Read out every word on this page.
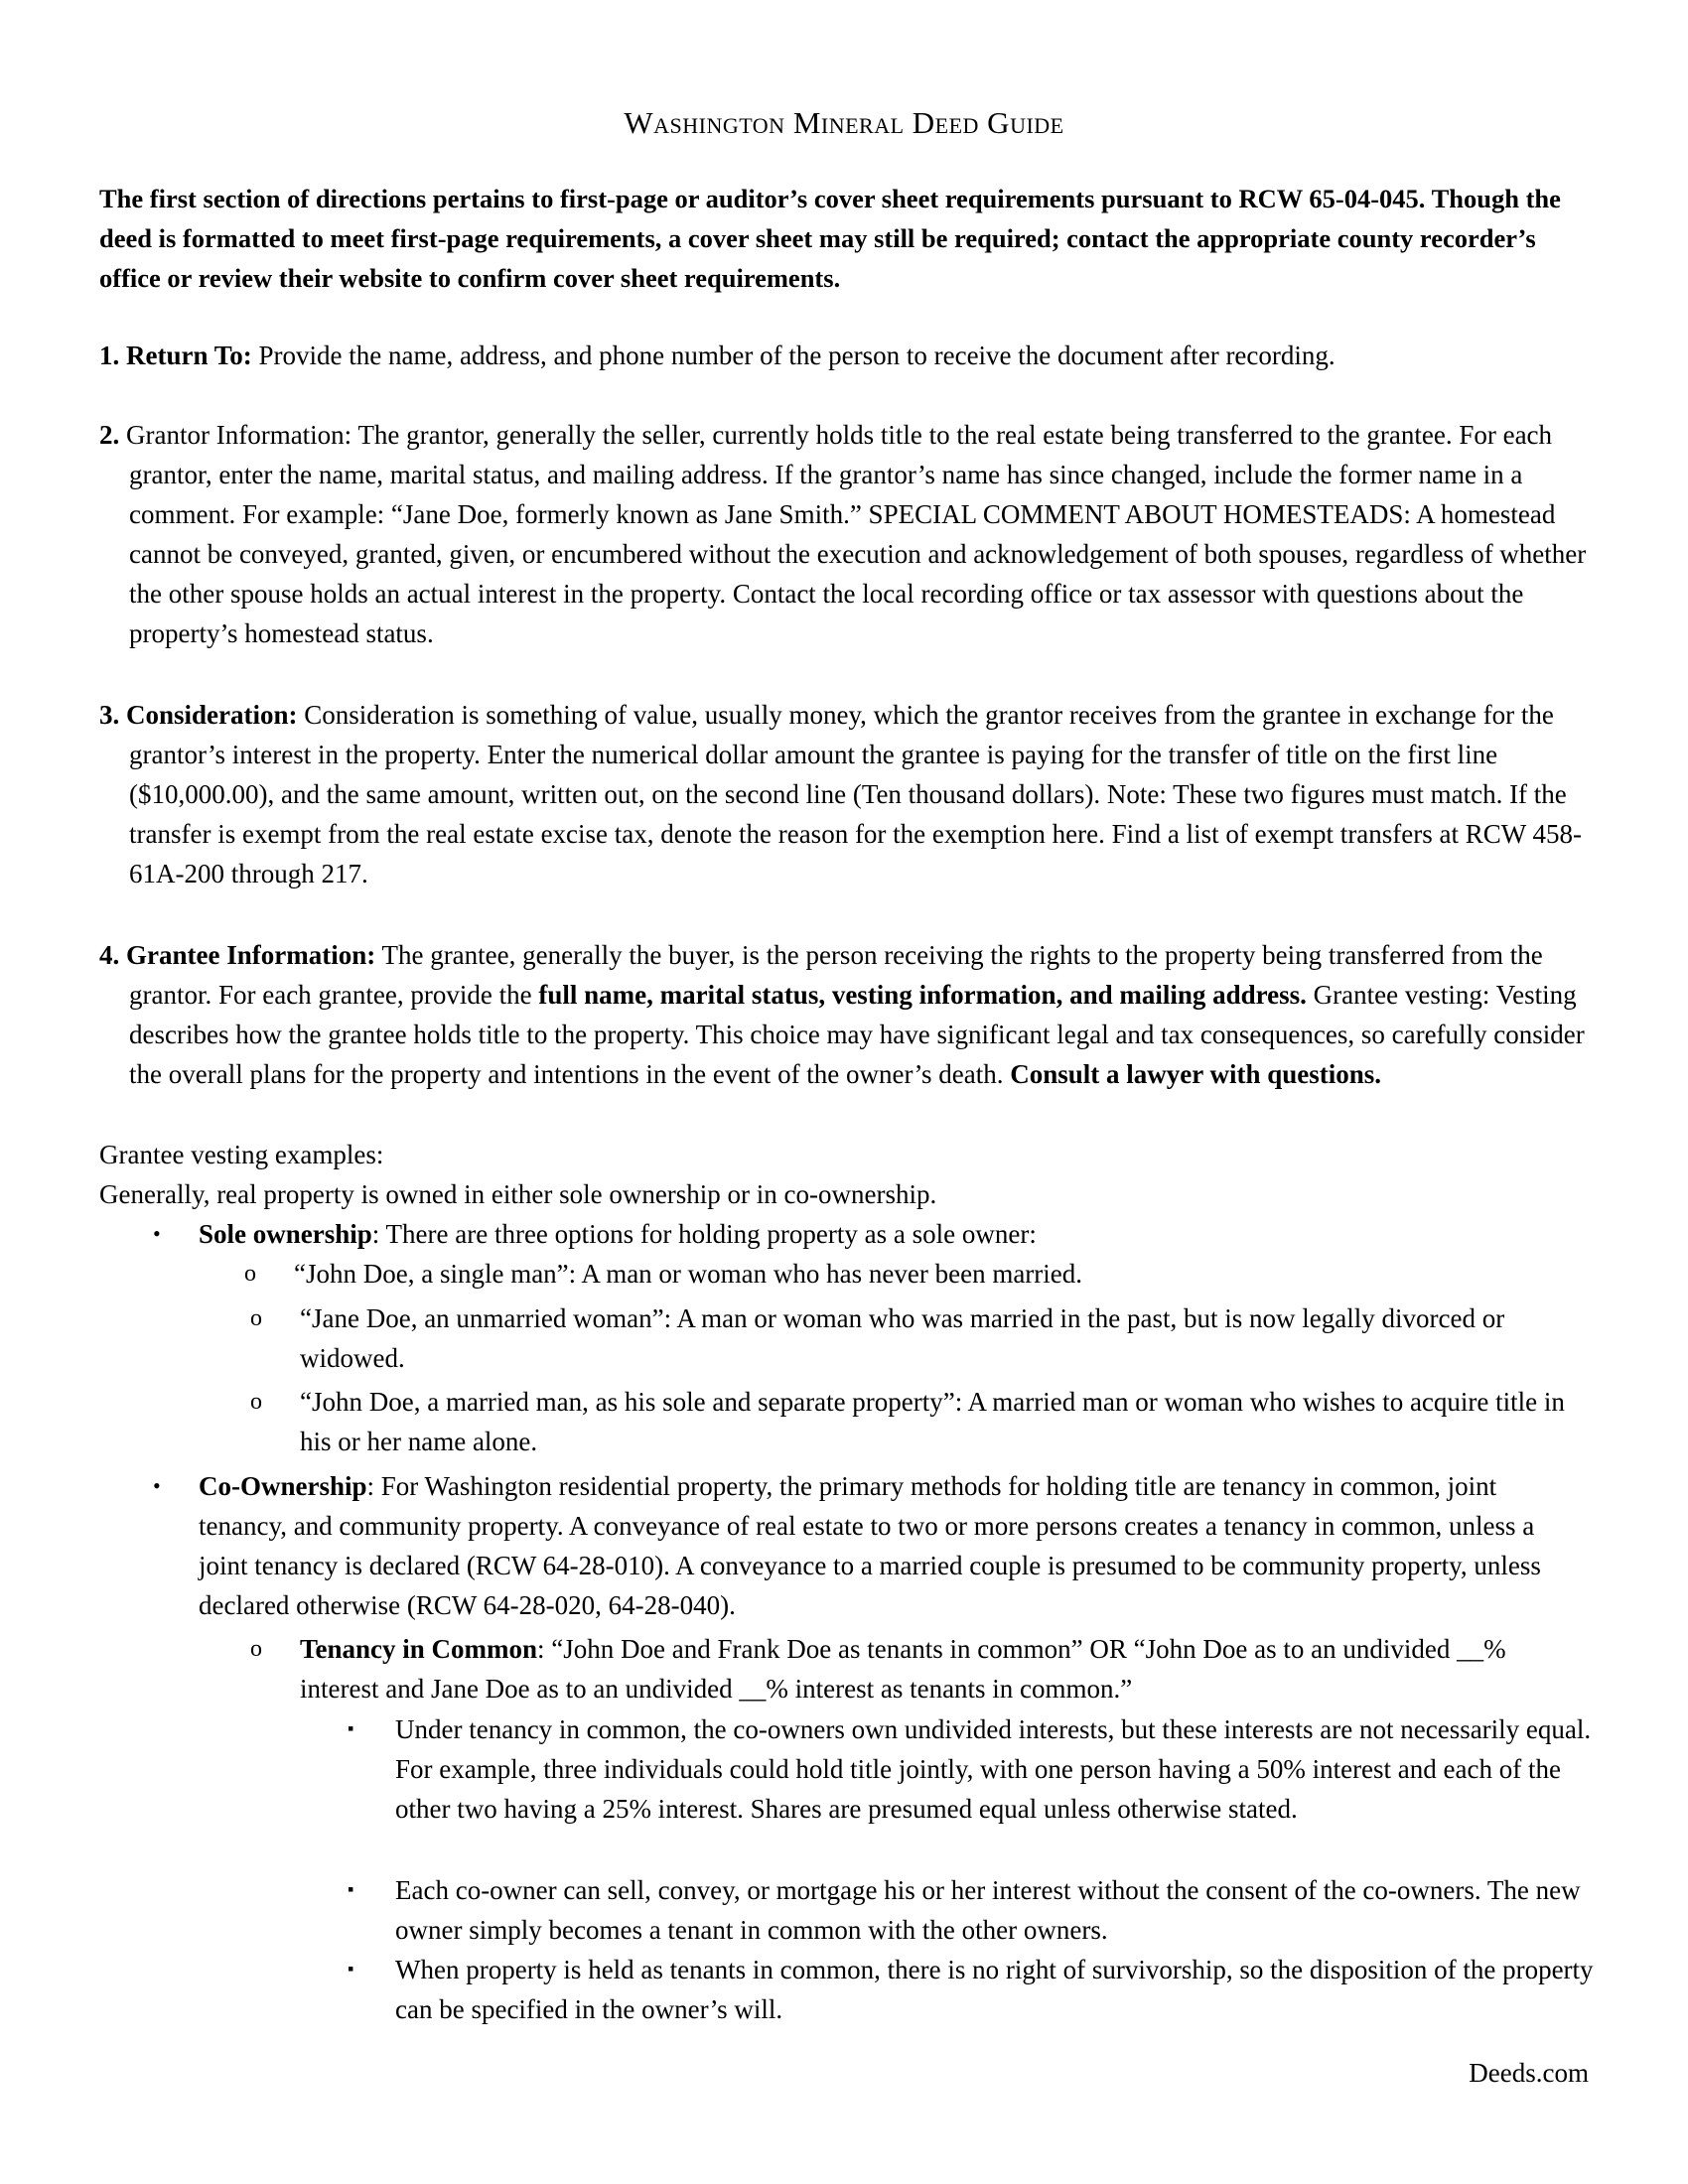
Washington Mineral Deed Guide

The first section of directions pertains to first-page or auditor’s cover sheet requirements pursuant to RCW 65-04-045. Though the deed is formatted to meet first-page requirements, a cover sheet may still be required; contact the appropriate county recorder’s office or review their website to confirm cover sheet requirements.

1. Return To: Provide the name, address, and phone number of the person to receive the document after recording.

2. Grantor Information: The grantor, generally the seller, currently holds title to the real estate being transferred to the grantee. For each grantor, enter the name, marital status, and mailing address. If the grantor’s name has since changed, include the former name in a comment. For example: “Jane Doe, formerly known as Jane Smith.” SPECIAL COMMENT ABOUT HOMESTEADS: A homestead cannot be conveyed, granted, given, or encumbered without the execution and acknowledgement of both spouses, regardless of whether the other spouse holds an actual interest in the property. Contact the local recording office or tax assessor with questions about the property’s homestead status.

3. Consideration: Consideration is something of value, usually money, which the grantor receives from the grantee in exchange for the grantor’s interest in the property. Enter the numerical dollar amount the grantee is paying for the transfer of title on the first line ($10,000.00), and the same amount, written out, on the second line (Ten thousand dollars). Note: These two figures must match. If the transfer is exempt from the real estate excise tax, denote the reason for the exemption here. Find a list of exempt transfers at RCW 458-61A-200 through 217.

4. Grantee Information: The grantee, generally the buyer, is the person receiving the rights to the property being transferred from the grantor. For each grantee, provide the full name, marital status, vesting information, and mailing address. Grantee vesting: Vesting describes how the grantee holds title to the property. This choice may have significant legal and tax consequences, so carefully consider the overall plans for the property and intentions in the event of the owner’s death. Consult a lawyer with questions.

Grantee vesting examples:

Generally, real property is owned in either sole ownership or in co-ownership.

•	Sole ownership: There are three options for holding property as a sole owner:
o	“John Doe, a single man”: A man or woman who has never been married.
o	“Jane Doe, an unmarried woman”: A man or woman who was married in the past, but is now legally divorced or widowed.
o	“John Doe, a married man, as his sole and separate property”: A married man or woman who wishes to acquire title in his or her name alone.
•	Co-Ownership: For Washington residential property, the primary methods for holding title are tenancy in common, joint tenancy, and community property. A conveyance of real estate to two or more persons creates a tenancy in common, unless a joint tenancy is declared (RCW 64-28-010). A conveyance to a married couple is presumed to be community property, unless declared otherwise (RCW 64-28-020, 64-28-040).
o	Tenancy in Common: “John Doe and Frank Doe as tenants in common” OR “John Doe as to an undivided __% interest and Jane Doe as to an undivided __% interest as tenants in common.”
▪	Under tenancy in common, the co-owners own undivided interests, but these interests are not necessarily equal. For example, three individuals could hold title jointly, with one person having a 50% interest and each of the other two having a 25% interest. Shares are presumed equal unless otherwise stated.
▪	Each co-owner can sell, convey, or mortgage his or her interest without the consent of the co-owners. The new owner simply becomes a tenant in common with the other owners.
▪	When property is held as tenants in common, there is no right of survivorship, so the disposition of the property can be specified in the owner’s will.

Deeds.com
